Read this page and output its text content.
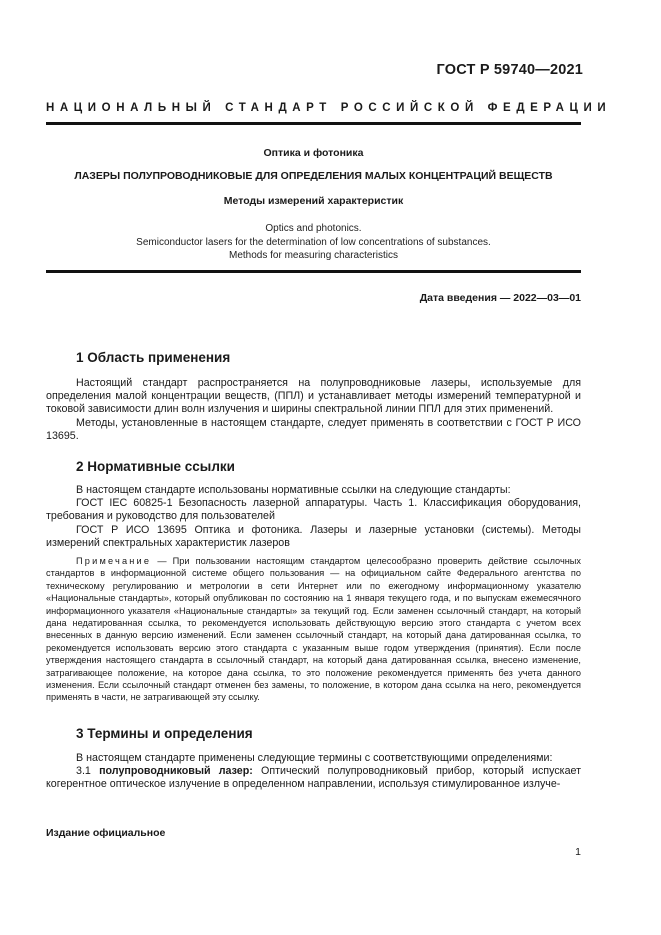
ГОСТ Р 59740—2021
НАЦИОНАЛЬНЫЙ СТАНДАРТ РОССИЙСКОЙ ФЕДЕРАЦИИ
Оптика и фотоника
ЛАЗЕРЫ ПОЛУПРОВОДНИКОВЫЕ ДЛЯ ОПРЕДЕЛЕНИЯ МАЛЫХ КОНЦЕНТРАЦИЙ ВЕЩЕСТВ
Методы измерений характеристик
Optics and photonics.
Semiconductor lasers for the determination of low concentrations of substances.
Methods for measuring characteristics
Дата введения — 2022—03—01
1 Область применения

Настоящий стандарт распространяется на полупроводниковые лазеры, используемые для определения малой концентрации веществ, (ППЛ) и устанавливает методы измерений температурной и токовой зависимости длин волн излучения и ширины спектральной линии ППЛ для этих применений.

Методы, установленные в настоящем стандарте, следует применять в соответствии с ГОСТ Р ИСО 13695.

2 Нормативные ссылки

В настоящем стандарте использованы нормативные ссылки на следующие стандарты:

ГОСТ IEC 60825-1 Безопасность лазерной аппаратуры. Часть 1. Классификация оборудования, требования и руководство для пользователей

ГОСТ Р ИСО 13695 Оптика и фотоника. Лазеры и лазерные установки (системы). Методы измерений спектральных характеристик лазеров

Примечание — При пользовании настоящим стандартом целесообразно проверить действие ссылочных стандартов в информационной системе общего пользования — на официальном сайте Федерального агентства по техническому регулированию и метрологии в сети Интернет или по ежегодному информационному указателю «Национальные стандарты», который опубликован по состоянию на 1 января текущего года, и по выпускам ежемесячного информационного указателя «Национальные стандарты» за текущий год. Если заменен ссылочный стандарт, на который дана недатированная ссылка, то рекомендуется использовать действующую версию этого стандарта с учетом всех внесенных в данную версию изменений. Если заменен ссылочный стандарт, на который дана датированная ссылка, то рекомендуется использовать версию этого стандарта с указанным выше годом утверждения (принятия). Если после утверждения настоящего стандарта в ссылочный стандарт, на который дана датированная ссылка, внесено изменение, затрагивающее положение, на которое дана ссылка, то это положение рекомендуется применять без учета данного изменения. Если ссылочный стандарт отменен без замены, то положение, в котором дана ссылка на него, рекомендуется применять в части, не затрагивающей эту ссылку.

3 Термины и определения

В настоящем стандарте применены следующие термины с соответствующими определениями:

3.1 полупроводниковый лазер: Оптический полупроводниковый прибор, который испускает когерентное оптическое излучение в определенном направлении, используя стимулированное излуче-

Издание официальное
1
